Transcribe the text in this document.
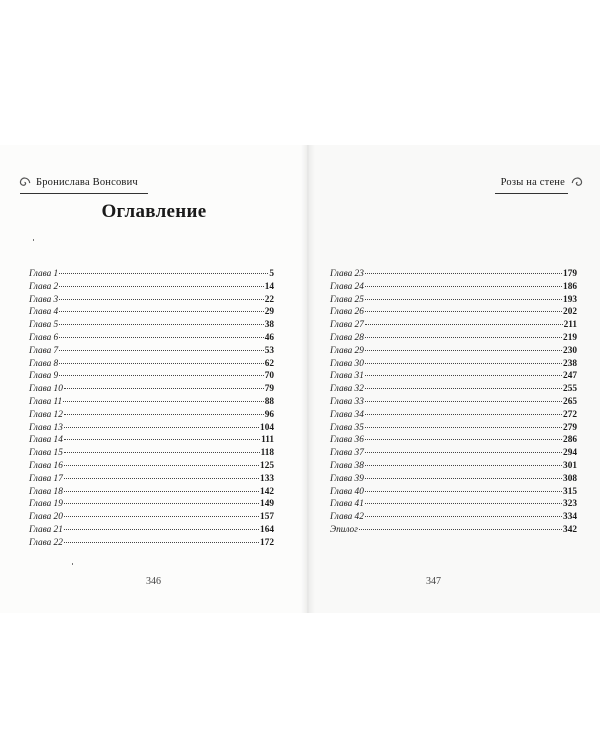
Бронислава Вонсович
Оглавление
Глава 1	5
Глава 2	14
Глава 3	22
Глава 4	29
Глава 5	38
Глава 6	46
Глава 7	53
Глава 8	62
Глава 9	70
Глава 10	79
Глава 11	88
Глава 12	96
Глава 13	104
Глава 14	111
Глава 15	118
Глава 16	125
Глава 17	133
Глава 18	142
Глава 19	149
Глава 20	157
Глава 21	164
Глава 22	172
346
Розы на стене
Глава 23	179
Глава 24	186
Глава 25	193
Глава 26	202
Глава 27	211
Глава 28	219
Глава 29	230
Глава 30	238
Глава 31	247
Глава 32	255
Глава 33	265
Глава 34	272
Глава 35	279
Глава 36	286
Глава 37	294
Глава 38	301
Глава 39	308
Глава 40	315
Глава 41	323
Глава 42	334
Эпилог	342
347
